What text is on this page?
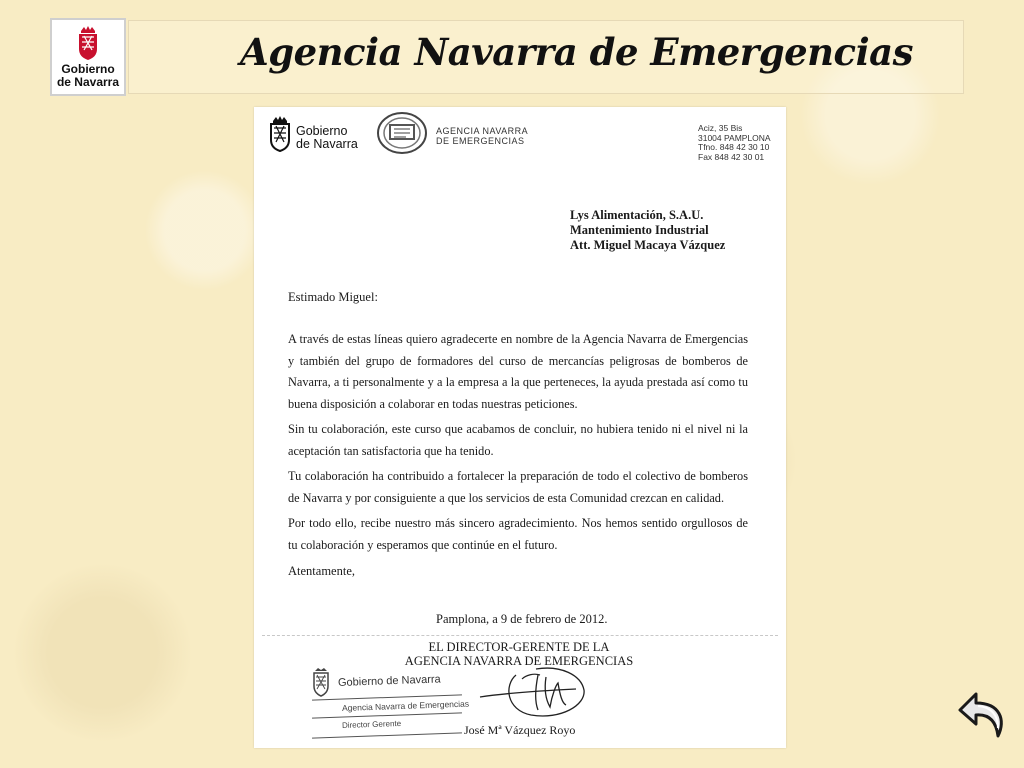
Gobierno
de Navarra
Agencia Navarra de Emergencias
Gobierno
de Navarra
AGENCIA NAVARRA
DE EMERGENCIAS
Aciz, 35 Bis
31004 PAMPLONA
Tfno. 848 42 30 10
Fax 848 42 30 01
Lys Alimentación, S.A.U.
Mantenimiento Industrial
Att. Miguel Macaya Vázquez
Estimado Miguel:

A través de estas líneas quiero agradecerte en nombre de la Agencia Navarra de Emergencias y también del grupo de formadores del curso de mercancías peligrosas de bomberos de Navarra, a ti personalmente y a la empresa a la que perteneces, la ayuda prestada así como tu buena disposición a colaborar en todas nuestras peticiones.

Sin tu colaboración, este curso que acabamos de concluir, no hubiera tenido ni el nivel ni la aceptación tan satisfactoria que ha tenido.

Tu colaboración ha contribuido a fortalecer la preparación de todo el colectivo de bomberos de Navarra y por consiguiente a que los servicios de esta Comunidad crezcan en calidad.

Por todo ello, recibe nuestro más sincero agradecimiento. Nos hemos sentido orgullosos de tu colaboración y esperamos que continúe en el futuro.

Atentamente,
Pamplona, a 9 de febrero de 2012.
EL DIRECTOR-GERENTE DE LA
AGENCIA NAVARRA DE EMERGENCIAS
Gobierno de Navarra
Agencia Navarra de Emergencias
Director Gerente	José Mª Vázquez Royo
